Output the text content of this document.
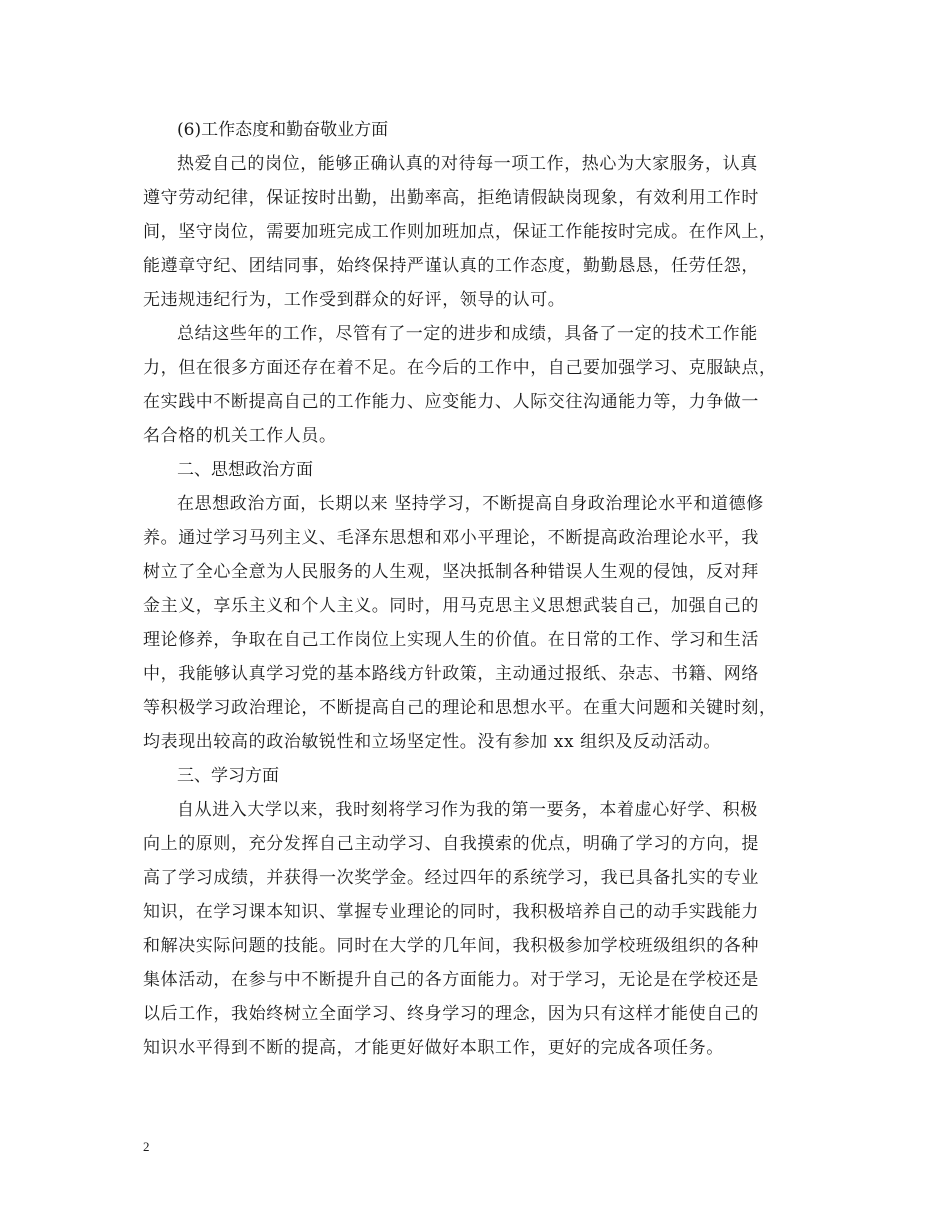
(6)工作态度和勤奋敬业方面

热爱自己的岗位，能够正确认真的对待每一项工作，热心为大家服务，认真
遵守劳动纪律，保证按时出勤，出勤率高，拒绝请假缺岗现象，有效利用工作时
间，坚守岗位，需要加班完成工作则加班加点，保证工作能按时完成。在作风上，
能遵章守纪、团结同事，始终保持严谨认真的工作态度，勤勤恳恳，任劳任怨，
无违规违纪行为，工作受到群众的好评，领导的认可。

总结这些年的工作，尽管有了一定的进步和成绩，具备了一定的技术工作能
力，但在很多方面还存在着不足。在今后的工作中，自己要加强学习、克服缺点，
在实践中不断提高自己的工作能力、应变能力、人际交往沟通能力等，力争做一
名合格的机关工作人员。

二、思想政治方面

在思想政治方面，长期以来 坚持学习，不断提高自身政治理论水平和道德修
养。通过学习马列主义、毛泽东思想和邓小平理论，不断提高政治理论水平，我
树立了全心全意为人民服务的人生观，坚决抵制各种错误人生观的侵蚀，反对拜
金主义，享乐主义和个人主义。同时，用马克思主义思想武装自己，加强自己的
理论修养，争取在自己工作岗位上实现人生的价值。在日常的工作、学习和生活
中，我能够认真学习党的基本路线方针政策，主动通过报纸、杂志、书籍、网络
等积极学习政治理论，不断提高自己的理论和思想水平。在重大问题和关键时刻，
均表现出较高的政治敏锐性和立场坚定性。没有参加 xx 组织及反动活动。

三、学习方面

自从进入大学以来，我时刻将学习作为我的第一要务，本着虚心好学、积极
向上的原则，充分发挥自己主动学习、自我摸索的优点，明确了学习的方向，提
高了学习成绩，并获得一次奖学金。经过四年的系统学习，我已具备扎实的专业
知识，在学习课本知识、掌握专业理论的同时，我积极培养自己的动手实践能力
和解决实际问题的技能。同时在大学的几年间，我积极参加学校班级组织的各种
集体活动，在参与中不断提升自己的各方面能力。对于学习，无论是在学校还是
以后工作，我始终树立全面学习、终身学习的理念，因为只有这样才能使自己的
知识水平得到不断的提高，才能更好做好本职工作，更好的完成各项任务。

2
